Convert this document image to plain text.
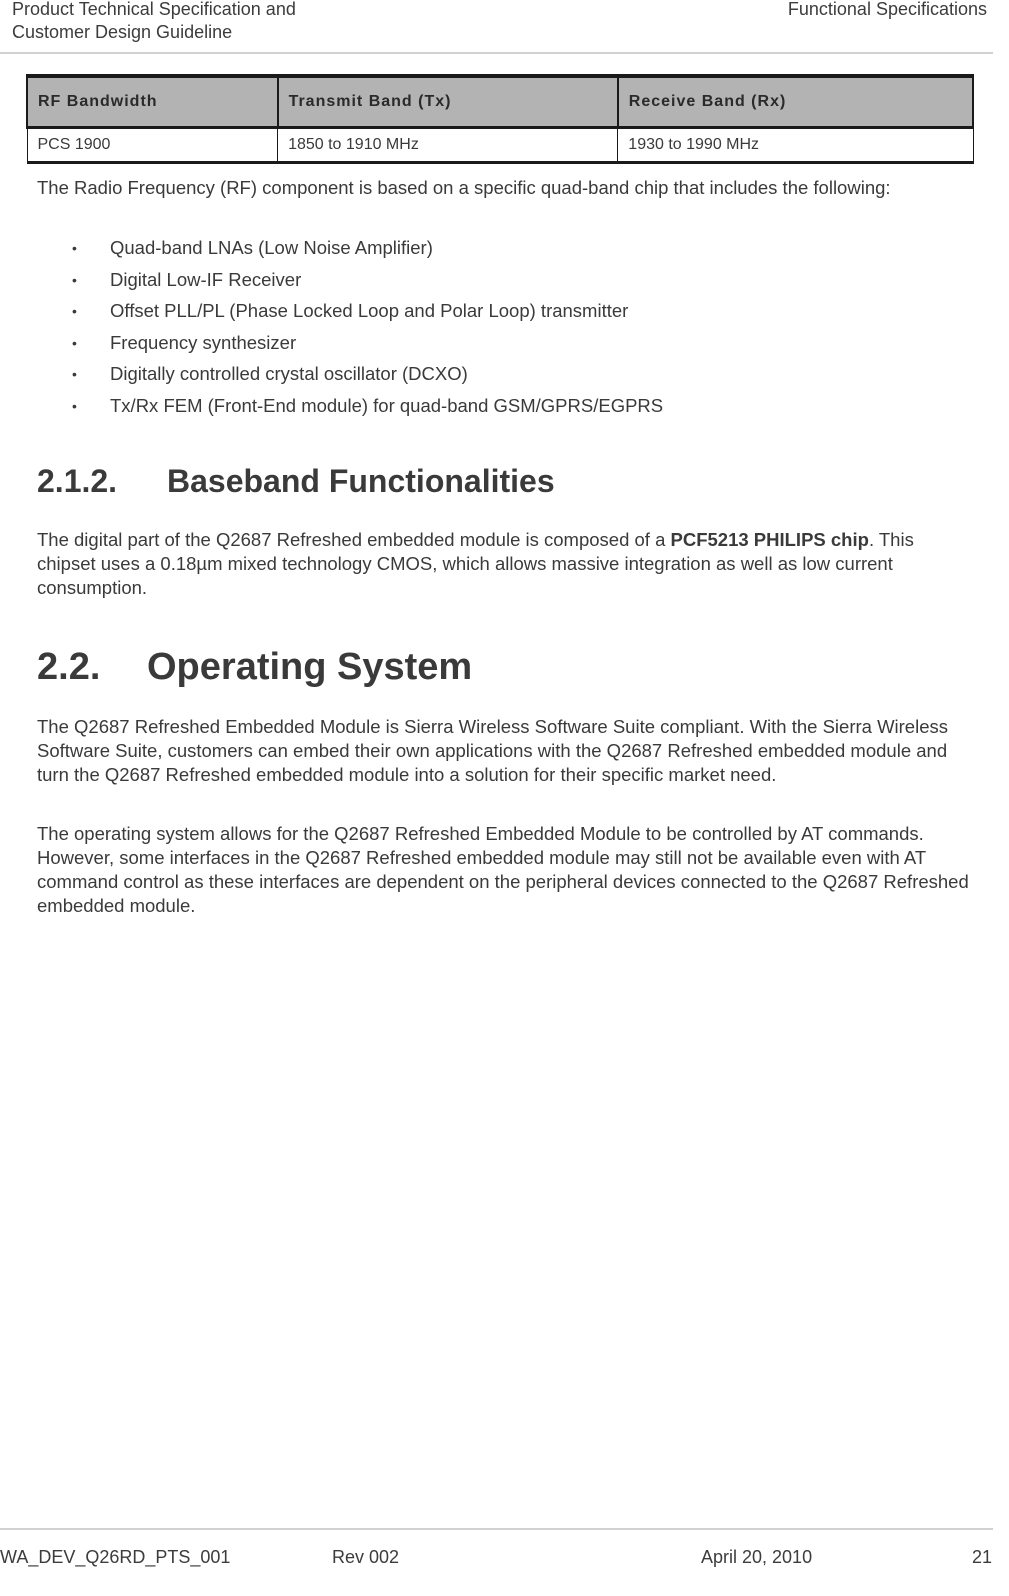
Product Technical Specification and
Customer Design Guideline
Functional Specifications
RF Bandwidth	Transmit Band (Tx)	Receive Band (Rx)
PCS 1900	1850 to 1910 MHz	1930 to 1990 MHz

The Radio Frequency (RF) component is based on a specific quad-band chip that includes the following:

• Quad-band LNAs (Low Noise Amplifier)
• Digital Low-IF Receiver
• Offset PLL/PL (Phase Locked Loop and Polar Loop) transmitter
• Frequency synthesizer
• Digitally controlled crystal oscillator (DCXO)
• Tx/Rx FEM (Front-End module) for quad-band GSM/GPRS/EGPRS
2.1.2. Baseband Functionalities

The digital part of the Q2687 Refreshed embedded module is composed of a PCF5213 PHILIPS chip. This chipset uses a 0.18µm mixed technology CMOS, which allows massive integration as well as low current consumption.

2.2. Operating System

The Q2687 Refreshed Embedded Module is Sierra Wireless Software Suite compliant. With the Sierra Wireless Software Suite, customers can embed their own applications with the Q2687 Refreshed embedded module and turn the Q2687 Refreshed embedded module into a solution for their specific market need.

The operating system allows for the Q2687 Refreshed Embedded Module to be controlled by AT commands. However, some interfaces in the Q2687 Refreshed embedded module may still not be available even with AT command control as these interfaces are dependent on the peripheral devices connected to the Q2687 Refreshed embedded module.

WA_DEV_Q26RD_PTS_001	Rev 002	April 20, 2010	21
